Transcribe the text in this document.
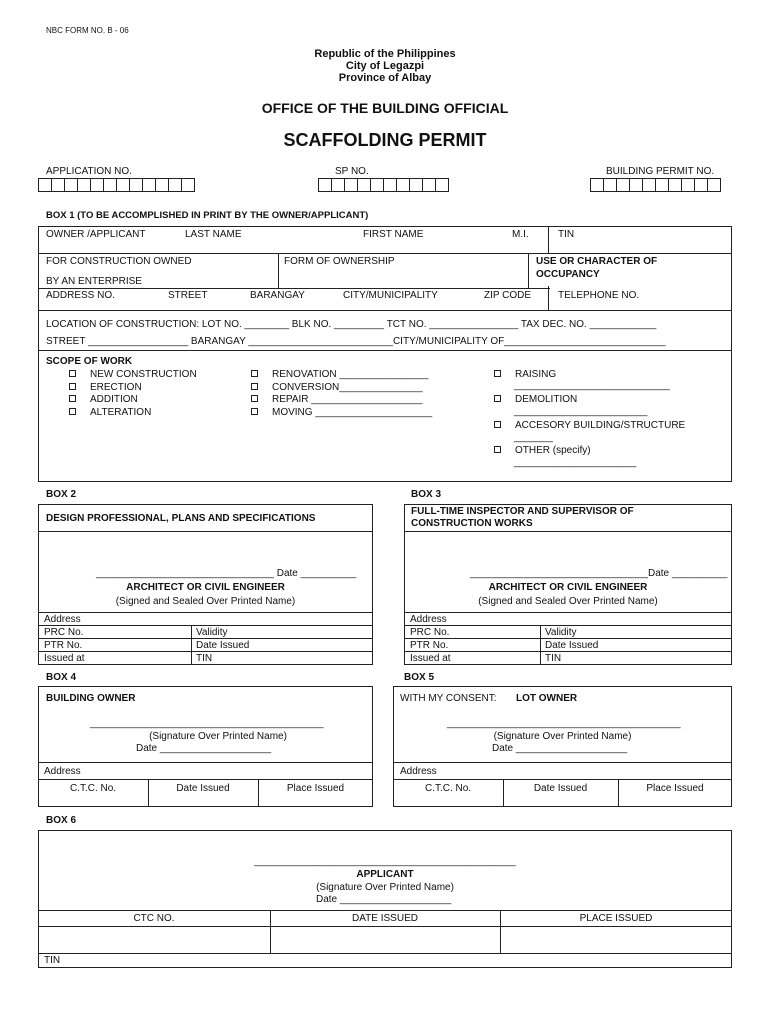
NBC FORM NO. B - 06
Republic of the Philippines
City of Legazpi
Province of Albay
OFFICE OF THE BUILDING OFFICIAL
SCAFFOLDING PERMIT
APPLICATION NO.	SP NO.	BUILDING PERMIT NO.
BOX 1 (TO BE ACCOMPLISHED IN PRINT BY THE OWNER/APPLICANT)
OWNER /APPLICANT	LAST NAME	FIRST NAME	M.I.	TIN
FOR CONSTRUCTION OWNED
BY AN ENTERPRISE
FORM OF OWNERSHIP	USE OR CHARACTER OF
OCCUPANCY
ADDRESS NO.	STREET	BARANGAY	CITY/MUNICIPALITY	ZIP CODE	TELEPHONE NO.
LOCATION OF CONSTRUCTION: LOT NO. ________ BLK NO. _________ TCT NO. ________________ TAX DEC. NO. ____________
STREET __________________ BARANGAY __________________________CITY/MUNICIPALITY OF_____________________________
SCOPE OF WORK
NEW CONSTRUCTION
ERECTION
ADDITION
ALTERATION
RENOVATION ________________
CONVERSION_______________
REPAIR ____________________
MOVING _____________________
RAISING
____________________________
DEMOLITION
________________________
ACCESORY BUILDING/STRUCTURE
_______
OTHER (specify)
______________________
BOX 2
DESIGN PROFESSIONAL, PLANS AND SPECIFICATIONS
________________________________ Date __________
ARCHITECT OR CIVIL ENGINEER
(Signed and Sealed Over Printed Name)
Address
PRC No.	Validity
PTR No.	Date Issued
Issued at	TIN
BOX 3
FULL-TIME INSPECTOR AND SUPERVISOR OF
CONSTRUCTION WORKS
________________________________Date __________
ARCHITECT OR CIVIL ENGINEER
(Signed and Sealed Over Printed Name)
Address
PRC No.	Validity
PTR No.	Date Issued
Issued at	TIN
BOX 4
BUILDING OWNER
__________________________________________
(Signature Over Printed Name)
Date ____________________
Address
C.T.C. No.	Date Issued	Place Issued
BOX 5
WITH MY CONSENT: LOT OWNER
__________________________________________
(Signature Over Printed Name)
Date ____________________
Address
C.T.C. No.	Date Issued	Place Issued
BOX 6
_______________________________________________
APPLICANT
(Signature Over Printed Name)
Date ____________________
CTC NO.	DATE ISSUED	PLACE ISSUED
TIN
